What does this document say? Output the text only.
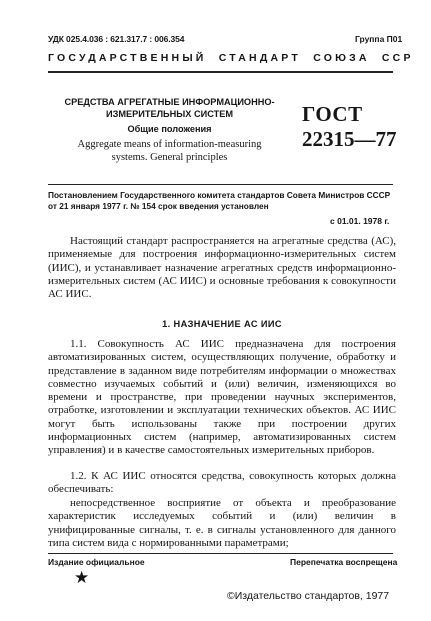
УДК 025.4.036 : 621.317.7 : 006.354	Группа П01
ГОСУДАРСТВЕННЫЙ  СТАНДАРТ  СОЮЗА  ССР
СРЕДСТВА АГРЕГАТНЫЕ ИНФОРМАЦИОННО-
ИЗМЕРИТЕЛЬНЫХ СИСТЕМ
Общие положения
Aggregate means of information-measuring
systems. General principles
ГОСТ
22315—77
Постановлением Государственного комитета стандартов Совета Министров СССР
от 21 января 1977 г. № 154 срок введения установлен
с 01.01. 1978 г.

Настоящий стандарт распространяется на агрегатные средства (АС), применяемые для построения информационно-измерительных систем (ИИС), и устанавливает назначение агрегатных средств информационно-измерительных систем (АС ИИС) и основные требования к совокупности АС ИИС.

1. НАЗНАЧЕНИЕ АС ИИС

1.1. Совокупность АС ИИС предназначена для построения автоматизированных систем, осуществляющих получение, обработку и представление в заданном виде потребителям информации о множествах совместно изучаемых событий и (или) величин, изменяющихся во времени и пространстве, при проведении научных экспериментов, отработке, изготовлении и эксплуатации технических объектов. АС ИИС могут быть использованы также при построении других информационных систем (например, автоматизированных систем управления) и в качестве самостоятельных измерительных приборов.

1.2. К АС ИИС относятся средства, совокупность которых должна обеспечивать:

непосредственное восприятие от объекта и преобразование характеристик исследуемых событий и (или) величин в унифицированные сигналы, т. е. в сигналы установленного для данного типа систем вида с нормированными параметрами;

Издание официальное	Перепечатка воспрещена
★
©Издательство стандартов, 1977
